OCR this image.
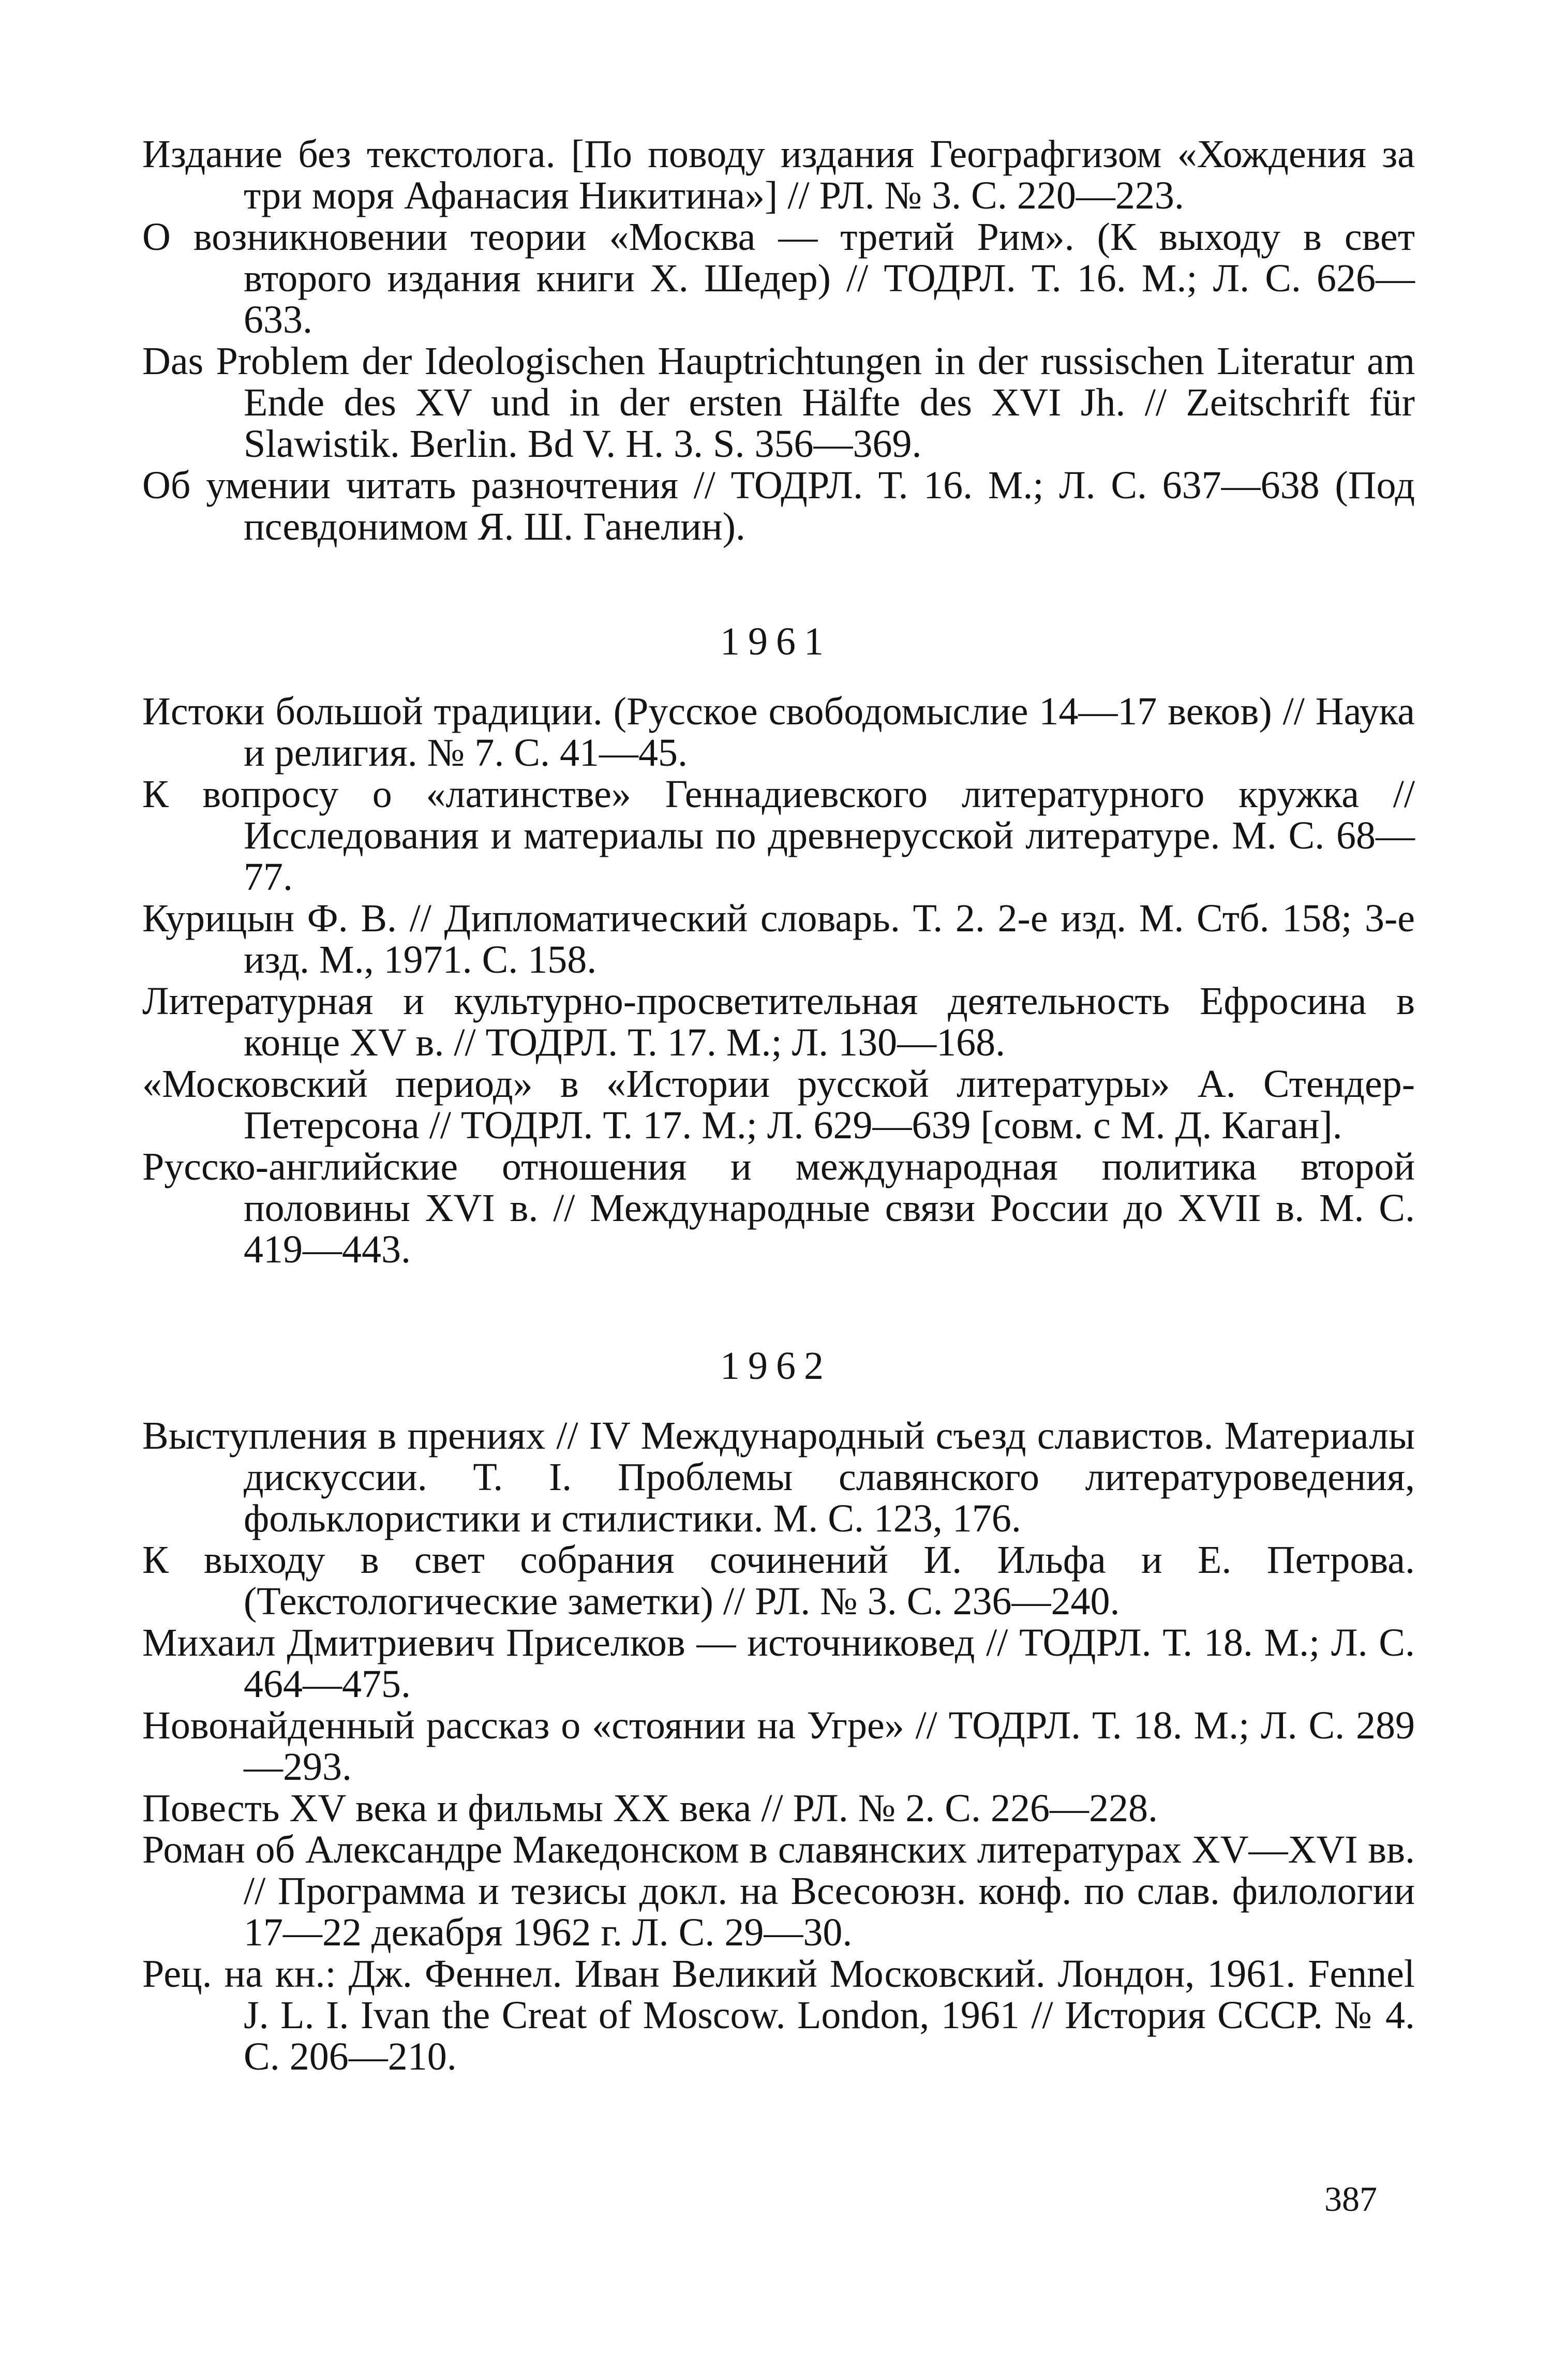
Издание без текстолога. [По поводу издания Географгизом «Хождения за три моря Афанасия Никитина»] // РЛ. № 3. С. 220—223.

О возникновении теории «Москва — третий Рим». (К выходу в свет второго издания книги Х. Шедер) // ТОДРЛ. Т. 16. М.; Л. С. 626—633.

Das Problem der Ideologischen Hauptrichtungen in der russischen Literatur am Ende des XV und in der ersten Hälfte des XVI Jh. // Zeitschrift für Slawistik. Berlin. Bd V. H. 3. S. 356—369.

Об умении читать разночтения // ТОДРЛ. Т. 16. М.; Л. С. 637—638 (Под псевдонимом Я. Ш. Ганелин).

1961

Истоки большой традиции. (Русское свободомыслие 14—17 веков) // Наука и религия. № 7. С. 41—45.

К вопросу о «латинстве» Геннадиевского литературного кружка // Исследования и материалы по древнерусской литературе. М. С. 68—77.

Курицын Ф. В. // Дипломатический словарь. Т. 2. 2-е изд. М. Стб. 158; 3-е изд. М., 1971. С. 158.

Литературная и культурно-просветительная деятельность Ефросина в конце XV в. // ТОДРЛ. Т. 17. М.; Л. 130—168.

«Московский период» в «Истории русской литературы» А. Стендер-Петерсона // ТОДРЛ. Т. 17. М.; Л. 629—639 [совм. с М. Д. Каган].

Русско-английские отношения и международная политика второй половины XVI в. // Международные связи России до XVII в. М. С. 419—443.

1962

Выступления в прениях // IV Международный съезд славистов. Материалы дискуссии. Т. I. Проблемы славянского литературоведения, фольклористики и стилистики. М. С. 123, 176.

К выходу в свет собрания сочинений И. Ильфа и Е. Петрова. (Текстологические заметки) // РЛ. № 3. С. 236—240.

Михаил Дмитриевич Приселков — источниковед // ТОДРЛ. Т. 18. М.; Л. С. 464—475.

Новонайденный рассказ о «стоянии на Угре» // ТОДРЛ. Т. 18. М.; Л. С. 289—293.

Повесть XV века и фильмы XX века // РЛ. № 2. С. 226—228.

Роман об Александре Македонском в славянских литературах XV—XVI вв. // Программа и тезисы докл. на Всесоюзн. конф. по слав. филологии 17—22 декабря 1962 г. Л. С. 29—30.

Рец. на кн.: Дж. Феннел. Иван Великий Московский. Лондон, 1961. Fennel J. L. I. Ivan the Creat of Moscow. London, 1961 // История СССР. № 4. С. 206—210.

387
